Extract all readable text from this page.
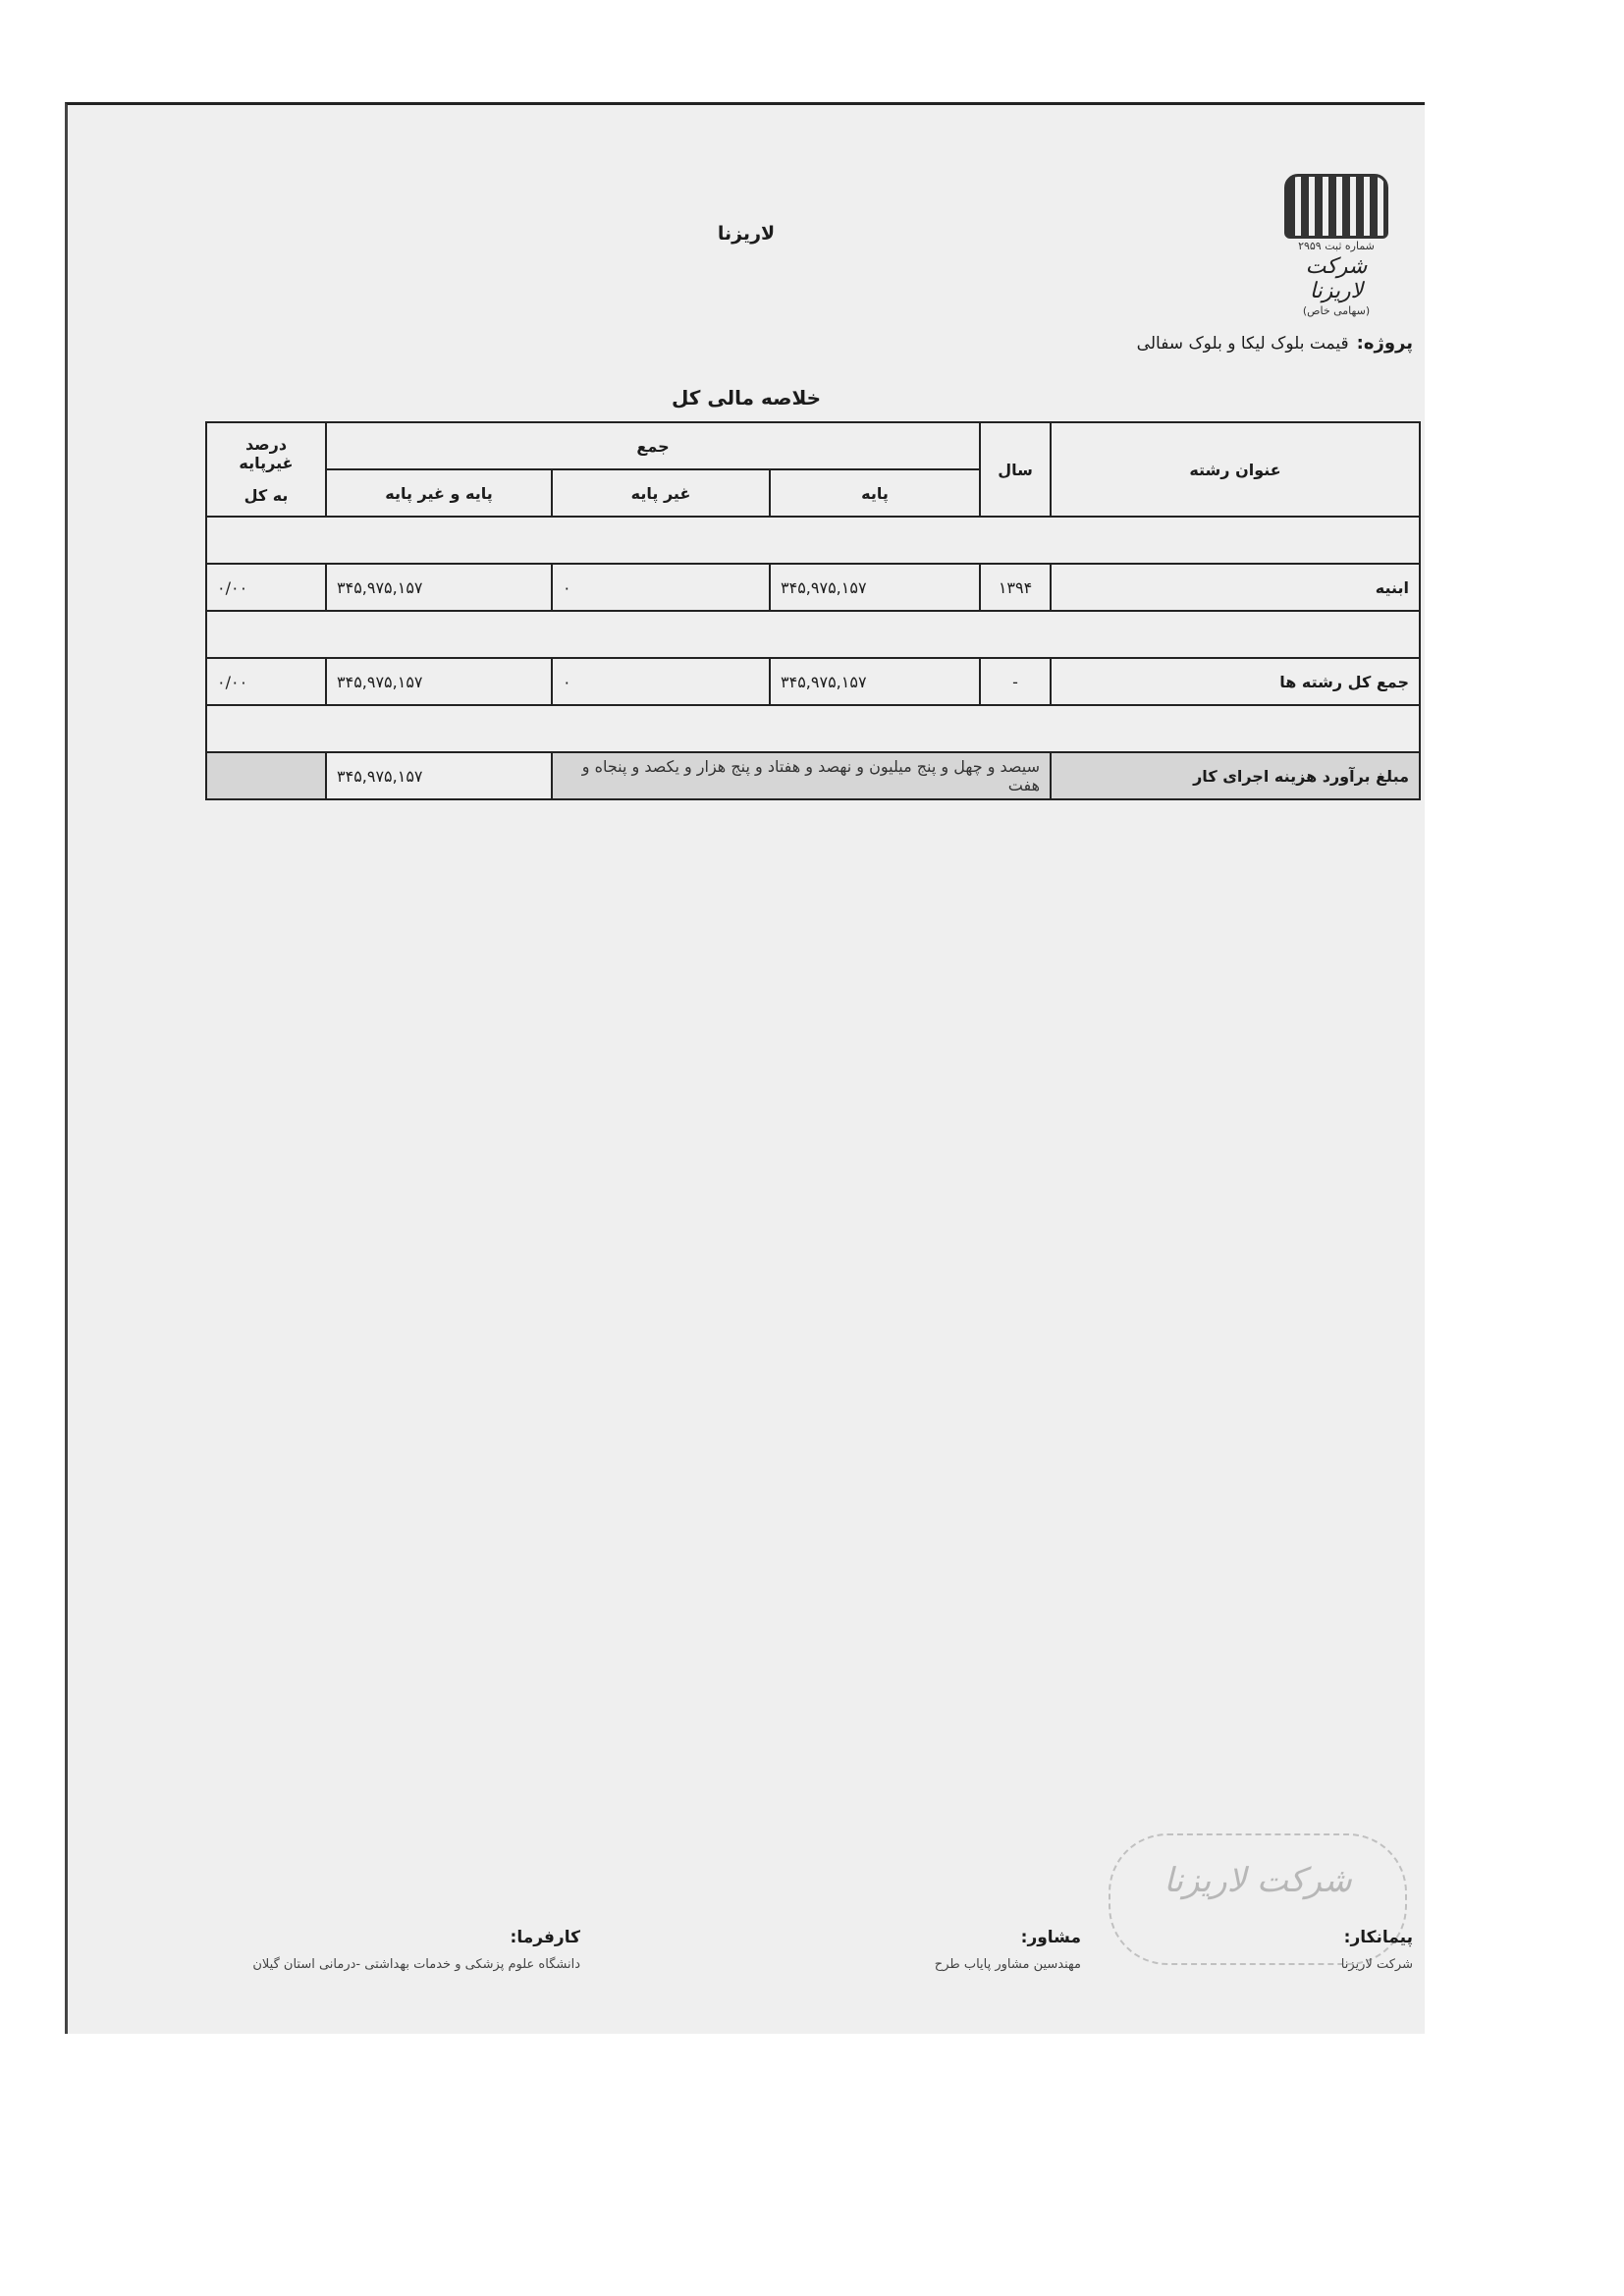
لاریزنا
شماره ثبت ۲۹۵۹
شرکت لاریزنا
(سهامی خاص)
پروژه:قیمت بلوک لیکا و بلوک سفالی
خلاصه مالی کل
عنوان رشته	سال	جمع			درصد غیرپایه
به کل

		پایه	غیر پایه	پایه و غیر پایه	

ابنیه	۱۳۹۴	۳۴۵,۹۷۵,۱۵۷	۰	۳۴۵,۹۷۵,۱۵۷	۰/۰۰

جمع کل رشته ها	-	۳۴۵,۹۷۵,۱۵۷	۰	۳۴۵,۹۷۵,۱۵۷	۰/۰۰

مبلغ برآورد هزینه اجرای کار	سیصد و چهل و پنج میلیون و نهصد و هفتاد و پنج هزار و یکصد و پنجاه و هفت			۳۴۵,۹۷۵,۱۵۷	
شرکت لاریزنا
پیمانکار:
شرکت لاریزنا
مشاور:
مهندسین مشاور پایاب طرح
کارفرما:
دانشگاه علوم پزشکی و خدمات بهداشتی -درمانی استان گیلان
